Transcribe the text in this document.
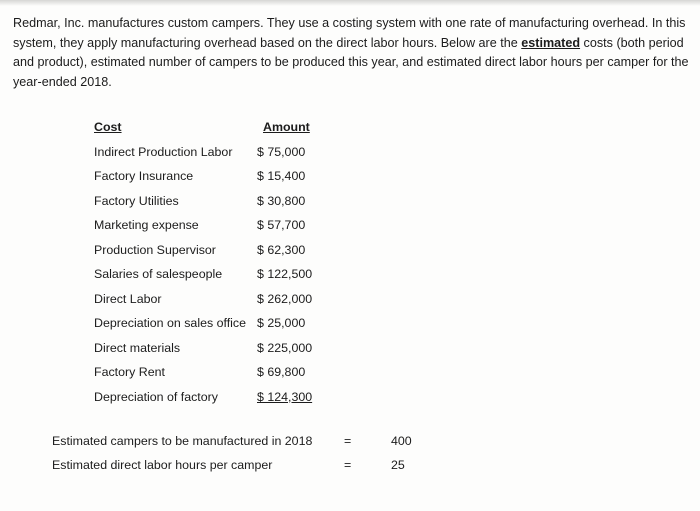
Redmar, Inc. manufactures custom campers. They use a costing system with one rate of manufacturing overhead. In this system, they apply manufacturing overhead based on the direct labor hours. Below are the estimated costs (both period and product), estimated number of campers to be produced this year, and estimated direct labor hours per camper for the year-ended 2018.

Cost	Amount
Indirect Production Labor $ 75,000
Factory Insurance	$ 15,400
Factory Utilities	$ 30,800
Marketing expense	$ 57,700
Production Supervisor	$ 62,300
Salaries of salespeople	$ 122,500
Direct Labor	$ 262,000
Depreciation on sales office $ 25,000
Direct materials	$ 225,000
Factory Rent	$ 69,800
Depreciation of factory	$ 124,300
Estimated campers to be manufactured in 2018	=	400
Estimated direct labor hours per camper	=	25
